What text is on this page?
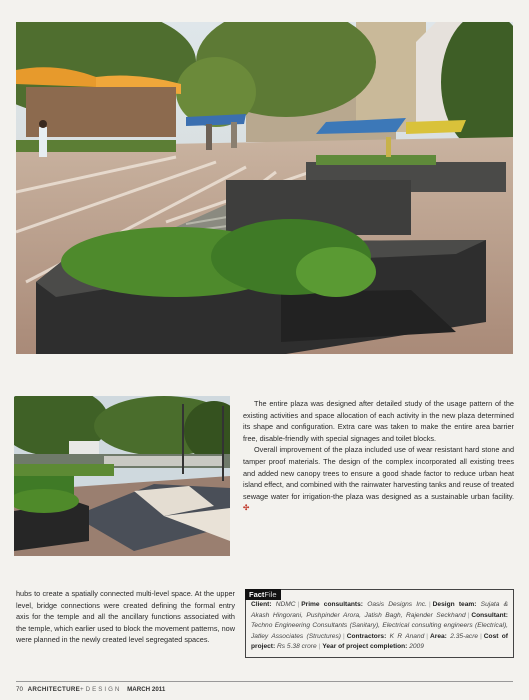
The entire plaza was designed after detailed study of the usage pattern of the existing activities and space allocation of each activity in the new plaza determined its shape and configuration. Extra care was taken to make the entire area barrier free, disable-friendly with special signages and toilet blocks.

Overall improvement of the plaza included use of wear resistant hard stone and tamper proof materials. The design of the complex incorporated all existing trees and added new canopy trees to ensure a good shade factor to reduce urban heat island effect, and combined with the rainwater harvesting tanks and reuse of treated sewage water for irrigation-the plaza was designed as a sustainable urban facility. ✣

hubs to create a spatially connected multi-level space. At the upper level, bridge connections were created defining the formal entry axis for the temple and all the ancillary functions associated with the temple, which earlier used to block the movement patterns, now were planned in the newly created level segregated spaces.

FactFile
Client: NDMC | Prime consultants: Oasis Designs Inc. | Design team: Sujata & Akash Hingorani, Pushpinder Arora, Jatish Bagh, Rajender Seckhand | Consultant: Techno Engineering Consultants (Sanitary), Electrical consulting engineers (Electrical), Jatley Associates (Structures) | Contractors: K R Anand | Area: 2.35-acre | Cost of project: Rs 5.38 crore | Year of project completion: 2009
70 ARCHITECTURE+DESIGN MARCH 2011
